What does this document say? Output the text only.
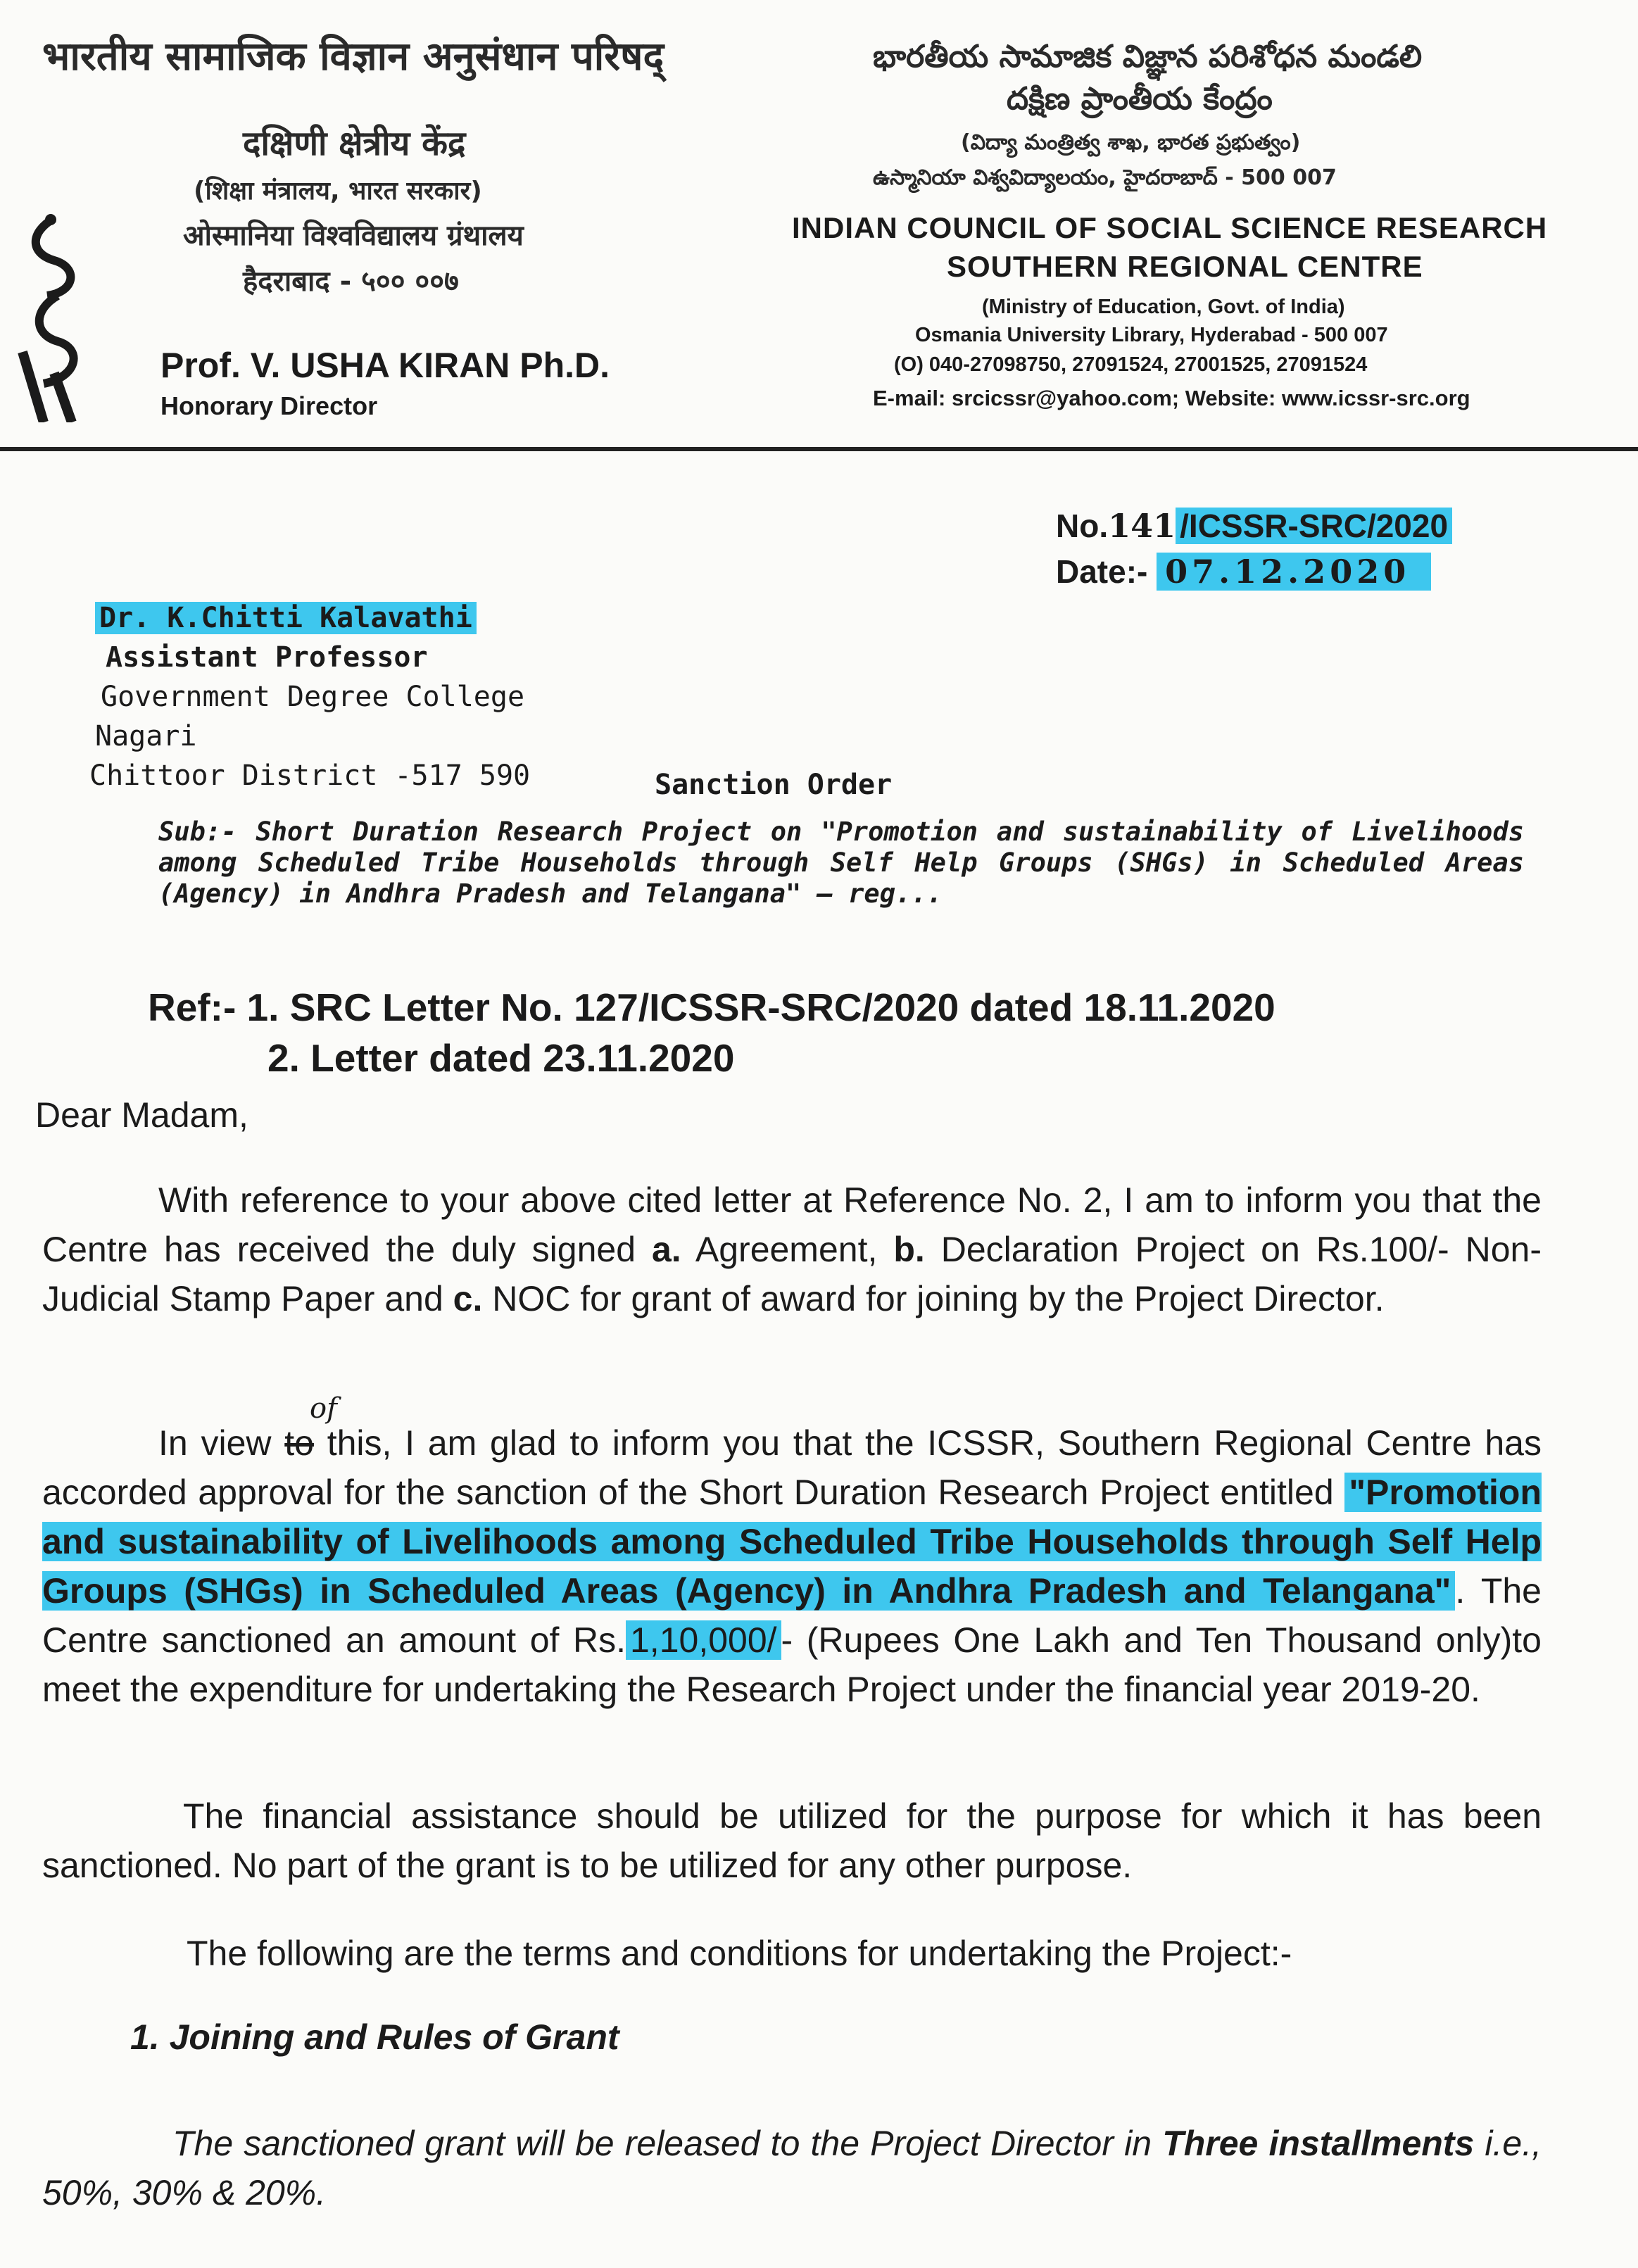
भारतीय सामाजिक विज्ञान अनुसंधान परिषद्
दक्षिणी क्षेत्रीय केंद्र
(शिक्षा मंत्रालय, भारत सरकार)
ओस्मानिया विश्वविद्यालय ग्रंथालय
हैदराबाद - ५०० ००७
Prof. V. USHA KIRAN Ph.D.
Honorary Director
భారతీయ సామాజిక విజ్ఞాన పరిశోధన మండలి
దక్షిణ ప్రాంతీయ కేంద్రం
(విద్యా మంత్రిత్వ శాఖ, భారత ప్రభుత్వం)
ఉస్మానియా విశ్వవిద్యాలయం, హైదరాబాద్ - 500 007
INDIAN COUNCIL OF SOCIAL SCIENCE RESEARCH
SOUTHERN REGIONAL CENTRE
(Ministry of Education, Govt. of India)
Osmania University Library, Hyderabad - 500 007
(O) 040-27098750, 27091524, 27001525, 27091524
E-mail: srcicssr@yahoo.com; Website: www.icssr-src.org
No.141 /ICSSR-SRC/2020
Date:- 07.12.2020
Dr. K.Chitti Kalavathi
Assistant Professor
Government Degree College
Nagari
Chittoor District -517 590	Sanction Order
Sub:- Short Duration Research Project on "Promotion and sustainability of Livelihoods among Scheduled Tribe Households through Self Help Groups (SHGs) in Scheduled Areas (Agency) in Andhra Pradesh and Telangana" – reg...
Ref:- 1. SRC Letter No. 127/ICSSR-SRC/2020 dated 18.11.2020
2. Letter dated 23.11.2020
Dear Madam,
With reference to your above cited letter at Reference No. 2, I am to inform you that the Centre has received the duly signed a. Agreement, b. Declaration Project on Rs.100/- Non-Judicial Stamp Paper and c. NOC for grant of award for joining by the Project Director.
of
In view to this, I am glad to inform you that the ICSSR, Southern Regional Centre has accorded approval for the sanction of the Short Duration Research Project entitled "Promotion and sustainability of Livelihoods among Scheduled Tribe Households through Self Help Groups (SHGs) in Scheduled Areas (Agency) in Andhra Pradesh and Telangana" . The Centre sanctioned an amount of Rs. 1,10,000/ - (Rupees One Lakh and Ten Thousand only)to meet the expenditure for undertaking the Research Project under the financial year 2019-20.
The financial assistance should be utilized for the purpose for which it has been sanctioned. No part of the grant is to be utilized for any other purpose.
The following are the terms and conditions for undertaking the Project:-
1. Joining and Rules of Grant
The sanctioned grant will be released to the Project Director in Three installments i.e., 50%, 30% & 20%.
